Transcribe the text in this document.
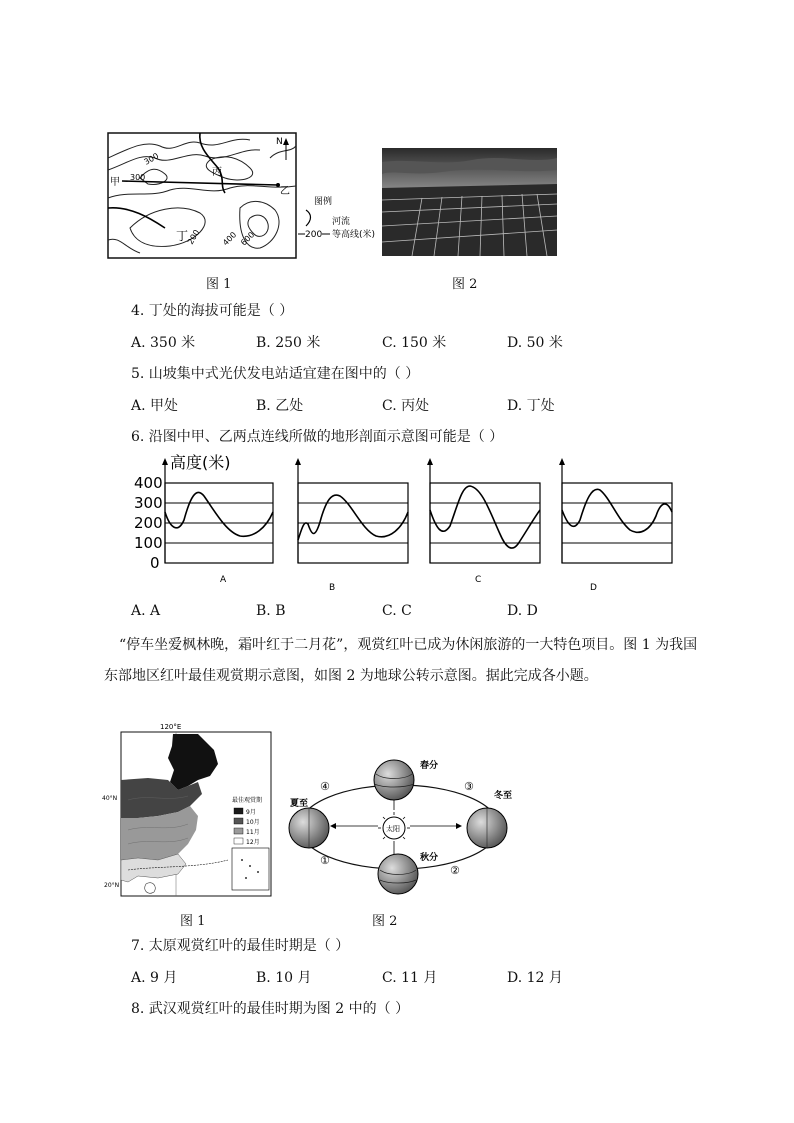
N
甲
乙
丙
丁
300
300
200 400 600
图例
河流
200 等高线(米)
图 1	图 2
4. 丁处的海拔可能是（ ）
A. 350 米	B. 250 米	C. 150 米	D. 50 米
5. 山坡集中式光伏发电站适宜建在图中的（ ）
A. 甲处	B. 乙处	C. 丙处	D. 丁处
6. 沿图中甲、乙两点连线所做的地形剖面示意图可能是（ ）
高度(米)
400
300
200
100
0
A
B
C
D
A. A	B. B	C. C	D. D
“停车坐爱枫林晚，霜叶红于二月花”，观赏红叶已成为休闲旅游的一大特色项目。图 1 为我国
东部地区红叶最佳观赏期示意图，如图 2 为地球公转示意图。据此完成各小题。
120°E
40°N
20°N
最佳观赏期
9月
10月
11月
12月
图 1
太阳
春分
夏至
冬至
秋分
④	③
①
②
图 2
7. 太原观赏红叶的最佳时期是（ ）
A. 9 月	B. 10 月	C. 11 月	D. 12 月
8. 武汉观赏红叶的最佳时期为图 2 中的（ ）
